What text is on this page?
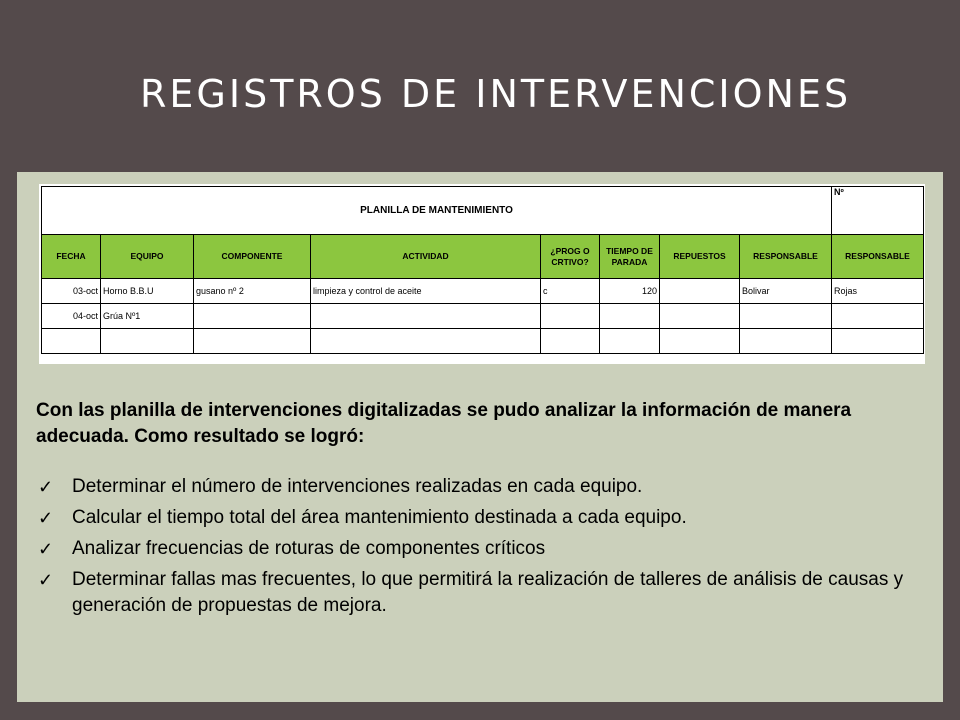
REGISTROS DE INTERVENCIONES
PLANILLA DE MANTENIMIENTO								Nº
FECHA	EQUIPO	COMPONENTE	ACTIVIDAD	¿PROG O CRTIVO?	TIEMPO DE PARADA	REPUESTOS	RESPONSABLE	RESPONSABLE
03-oct	Horno B.B.U	gusano nº 2	limpieza y control de aceite	c	120		Bolivar	Rojas
04-oct	Grúa Nº1							

Con las planilla de intervenciones digitalizadas se pudo analizar la información de manera adecuada. Como resultado se logró:

✓ Determinar el número de intervenciones realizadas en cada equipo.
✓ Calcular el tiempo total del área mantenimiento destinada a cada equipo.
✓ Analizar frecuencias de roturas de componentes críticos
✓ Determinar fallas mas frecuentes, lo que permitirá la realización de talleres de análisis de causas y generación de propuestas de mejora.
